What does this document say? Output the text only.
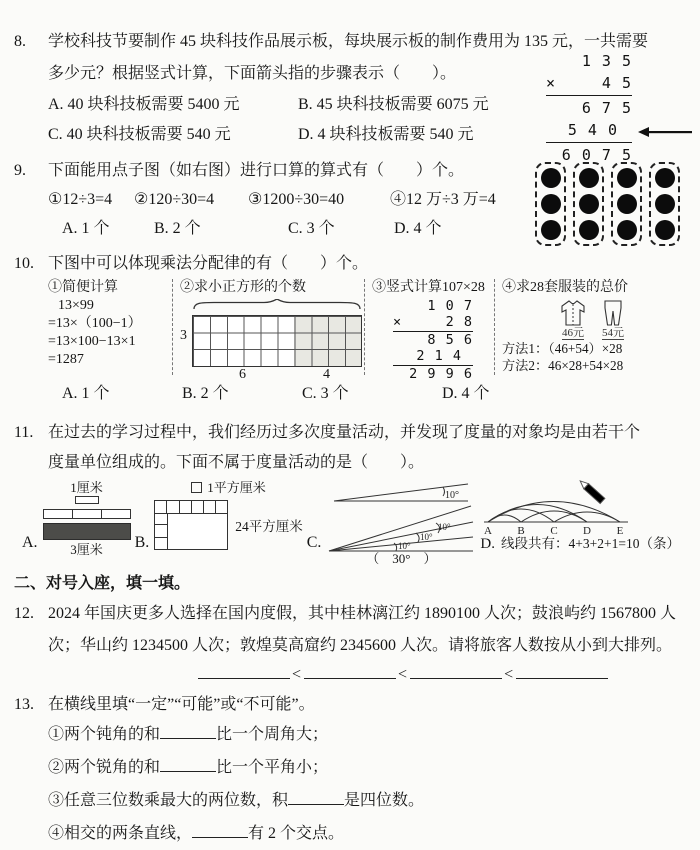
8.	学校科技节要制作 45 块科技作品展示板，每块展示板的制作费用为 135 元，一共需要
多少元？根据竖式计算，下面箭头指的步骤表示（　　）。
A. 40 块科技板需要 5400 元	B. 45 块科技板需要 6075 元
C. 40 块科技板需要 540 元	D. 4 块科技板需要 540 元
1 3 5
×	4 5
6 7 5
5 4 0
6 0 7 5
9.	下面能用点子图（如右图）进行口算的算式有（　　）个。
①12÷3=4	②120÷30=4	③1200÷30=40	④12 万÷3 万=4
A. 1 个	B. 2 个	C. 3 个	D. 4 个
10. 下图中可以体现乘法分配律的有（　　）个。
①简便计算
13×99
=13×（100−1）
=13×100−13×1
=1287
②求小正方形的个数
3
6	4
③竖式计算107×28
1 0 7
×	2 8
8 5 6
2 1 4
2 9 9 6
④求28套服装的总价
46元 54元
方法1：（46+54）×28
方法2：46×28+54×28
A. 1 个	B. 2 个	C. 3 个	D. 4 个
11. 在过去的学习过程中，我们经历过多次度量活动，并发现了度量的对象均是由若干个
度量单位组成的。下面不属于度量活动的是（　　）。
A.
1厘米
3厘米 B.
1平方厘米
24平方厘米
C.
10°
10°
10°
10°
（　30°　）
A B C D E
D. 线段共有：4+3+2+1=10（条）
二、对号入座，填一填。
12. 2024 年国庆更多人选择在国内度假，其中桂林漓江约 1890100 人次；鼓浪屿约 1567800 人
次；华山约 1234500 人次；敦煌莫高窟约 2345600 人次。请将旅客人数按从小到大排列。
<	<	<
13. 在横线里填“一定”“可能”或“不可能”。
①两个钝角的和	比一个周角大；
②两个锐角的和	比一个平角小；
③任意三位数乘最大的两位数，积	是四位数。
④相交的两条直线，	有 2 个交点。
